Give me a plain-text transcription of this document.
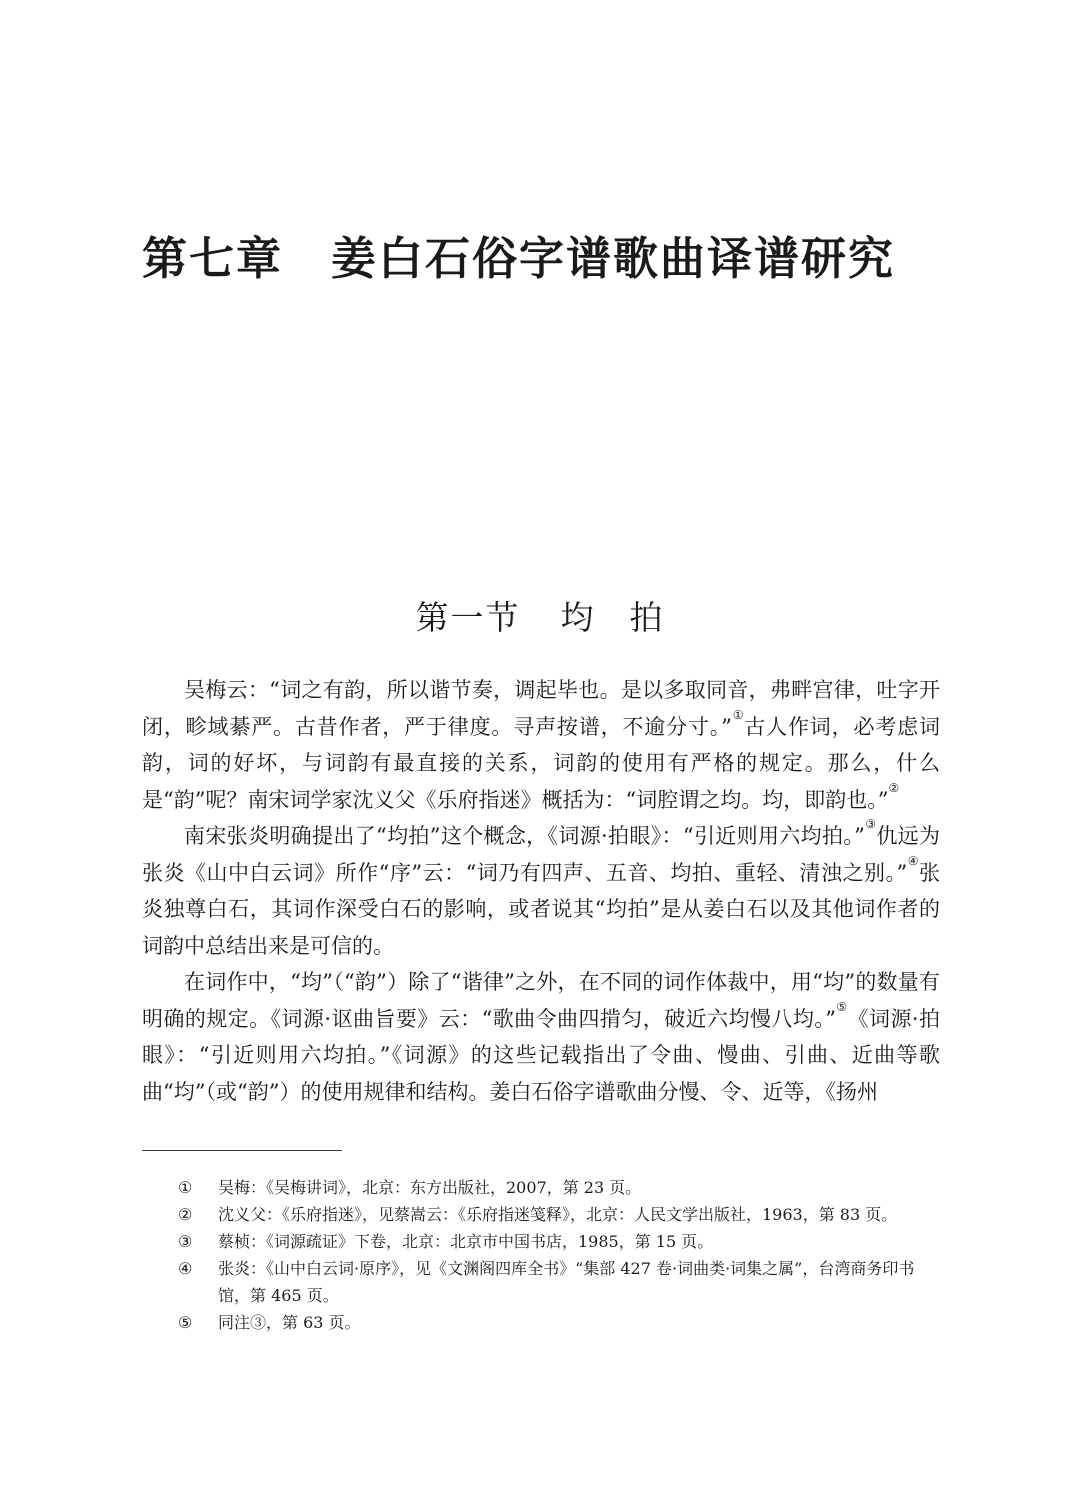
第七章 姜白石俗字谱歌曲译谱研究
第一节 均 拍

吴梅云：“词之有韵，所以谐节奏，调起毕也。是以多取同音，弗畔宫律，吐字开闭，畛域綦严。古昔作者，严于律度。寻声按谱，不逾分寸。”①古人作词，必考虑词韵，词的好坏，与词韵有最直接的关系，词韵的使用有严格的规定。那么，什么是“韵”呢？南宋词学家沈义父《乐府指迷》概括为：“词腔谓之均。均，即韵也。”②

南宋张炎明确提出了“均拍”这个概念，《词源·拍眼》：“引近则用六均拍。”③仇远为张炎《山中白云词》所作“序”云：“词乃有四声、五音、均拍、重轻、清浊之别。”④张炎独尊白石，其词作深受白石的影响，或者说其“均拍”是从姜白石以及其他词作者的词韵中总结出来是可信的。

在词作中，“均”（“韵”）除了“谐律”之外，在不同的词作体裁中，用“均”的数量有明确的规定。《词源·讴曲旨要》云：“歌曲令曲四掯匀，破近六均慢八均。”⑤《词源·拍眼》：“引近则用六均拍。”《词源》的这些记载指出了令曲、慢曲、引曲、近曲等歌曲“均”（或“韵”）的使用规律和结构。姜白石俗字谱歌曲分慢、令、近等，《扬州

①	吴梅：《吴梅讲词》，北京：东方出版社，2007，第 23 页。
②	沈义父：《乐府指迷》，见蔡嵩云：《乐府指迷笺释》，北京：人民文学出版社，1963，第 83 页。
③	蔡桢：《词源疏证》下卷，北京：北京市中国书店，1985，第 15 页。
④	张炎：《山中白云词·原序》，见《文渊阁四库全书》“集部 427 卷·词曲类·词集之属”，台湾商务印书馆，第 465 页。
⑤	同注③，第 63 页。
